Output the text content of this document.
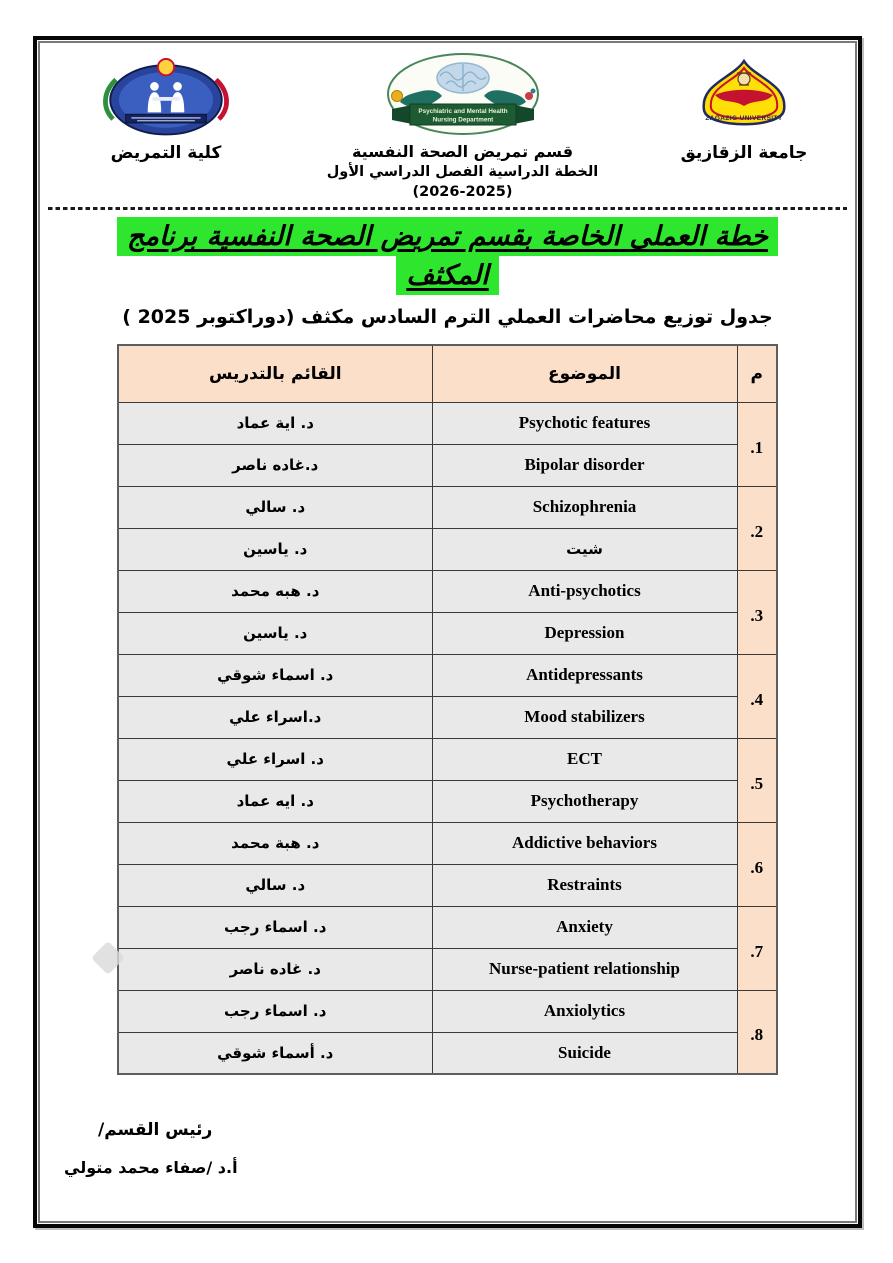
ZAGAZIG UNIVERSITY
جامعة الزقازيق
Psychiatric and Mental Health
Nursing Department
قسم تمريض الصحة النفسية
الخطة الدراسية الفصل الدراسي الأول (2025-2026)
كلية التمريض
خطة العملى الخاصة بقسم تمريض الصحة النفسية برنامج
المكثف
جدول توزيع محاضرات العملي الترم السادس مكثف (دوراكتوبر 2025 )
م	الموضوع	القائم بالتدريس
.1	Psychotic features	د. اية عماد
	Bipolar disorder	د.غاده ناصر
.2	Schizophrenia	د. سالي
	شيت	د. ياسين
.3	Anti-psychotics	د. هبه محمد
	Depression	د. ياسين
.4	Antidepressants	د. اسماء شوقي
	Mood stabilizers	د.اسراء علي
.5	ECT	د. اسراء علي
	Psychotherapy	د. ايه عماد
.6	Addictive behaviors	د. هبة محمد
	Restraints	د. سالي
.7	Anxiety	د. اسماء رجب
	Nurse-patient relationship	د. غاده ناصر
.8	Anxiolytics	د. اسماء رجب
	Suicide	د. أسماء شوقي
رئيس القسم/
أ.د /صفاء محمد متولي
